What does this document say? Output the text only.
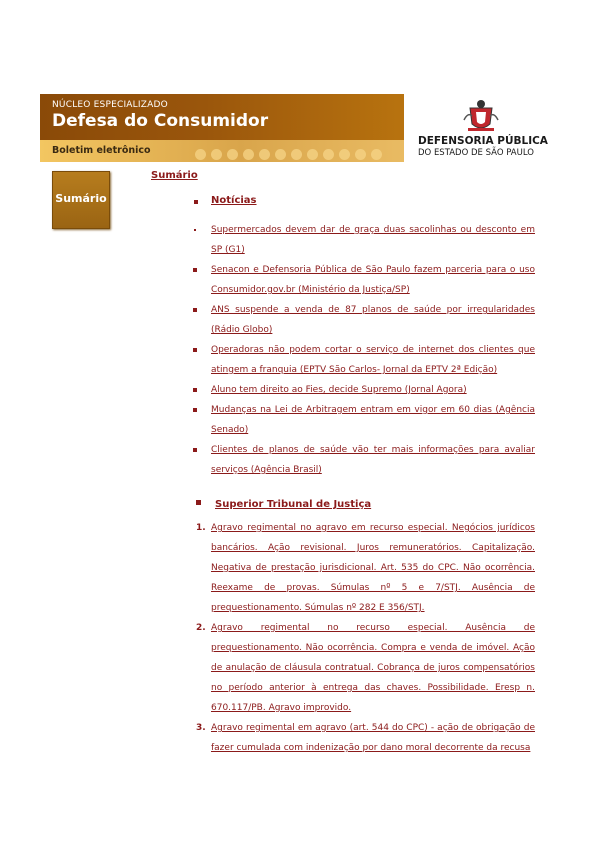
NÚCLEO ESPECIALIZADO
Defesa do Consumidor
Boletim eletrônico
DEFENSORIA PÚBLICA
DO ESTADO DE SÃO PAULO
Sumário
Sumário
Notícias
Supermercados devem dar de graça duas sacolinhas ou desconto em SP (G1)
Senacon e Defensoria Pública de São Paulo fazem parceria para o uso Consumidor.gov.br (Ministério da Justiça/SP)
ANS suspende a venda de 87 planos de saúde por irregularidades (Rádio Globo)
Operadoras não podem cortar o serviço de internet dos clientes que atingem a franquia (EPTV São Carlos- Jornal da EPTV 2ª Edição)
Aluno tem direito ao Fies, decide Supremo (Jornal Agora)
Mudanças na Lei de Arbitragem entram em vigor em 60 dias (Agência Senado)
Clientes de planos de saúde vão ter mais informações para avaliar serviços (Agência Brasil)
Superior Tribunal de Justiça
1. Agravo regimental no agravo em recurso especial. Negócios jurídicos bancários. Ação revisional. Juros remuneratórios. Capitalização. Negativa de prestação jurisdicional. Art. 535 do CPC. Não ocorrência. Reexame de provas. Súmulas nº 5 e 7/STJ. Ausência de prequestionamento. Súmulas nº 282 E 356/STJ.
2. Agravo regimental no recurso especial. Ausência de prequestionamento. Não ocorrência. Compra e venda de imóvel. Ação de anulação de cláusula contratual. Cobrança de juros compensatórios no período anterior à entrega das chaves. Possibilidade. Eresp n. 670.117/PB. Agravo improvido.
3. Agravo regimental em agravo (art. 544 do CPC) - ação de obrigação de fazer cumulada com indenização por dano moral decorrente da recusa
